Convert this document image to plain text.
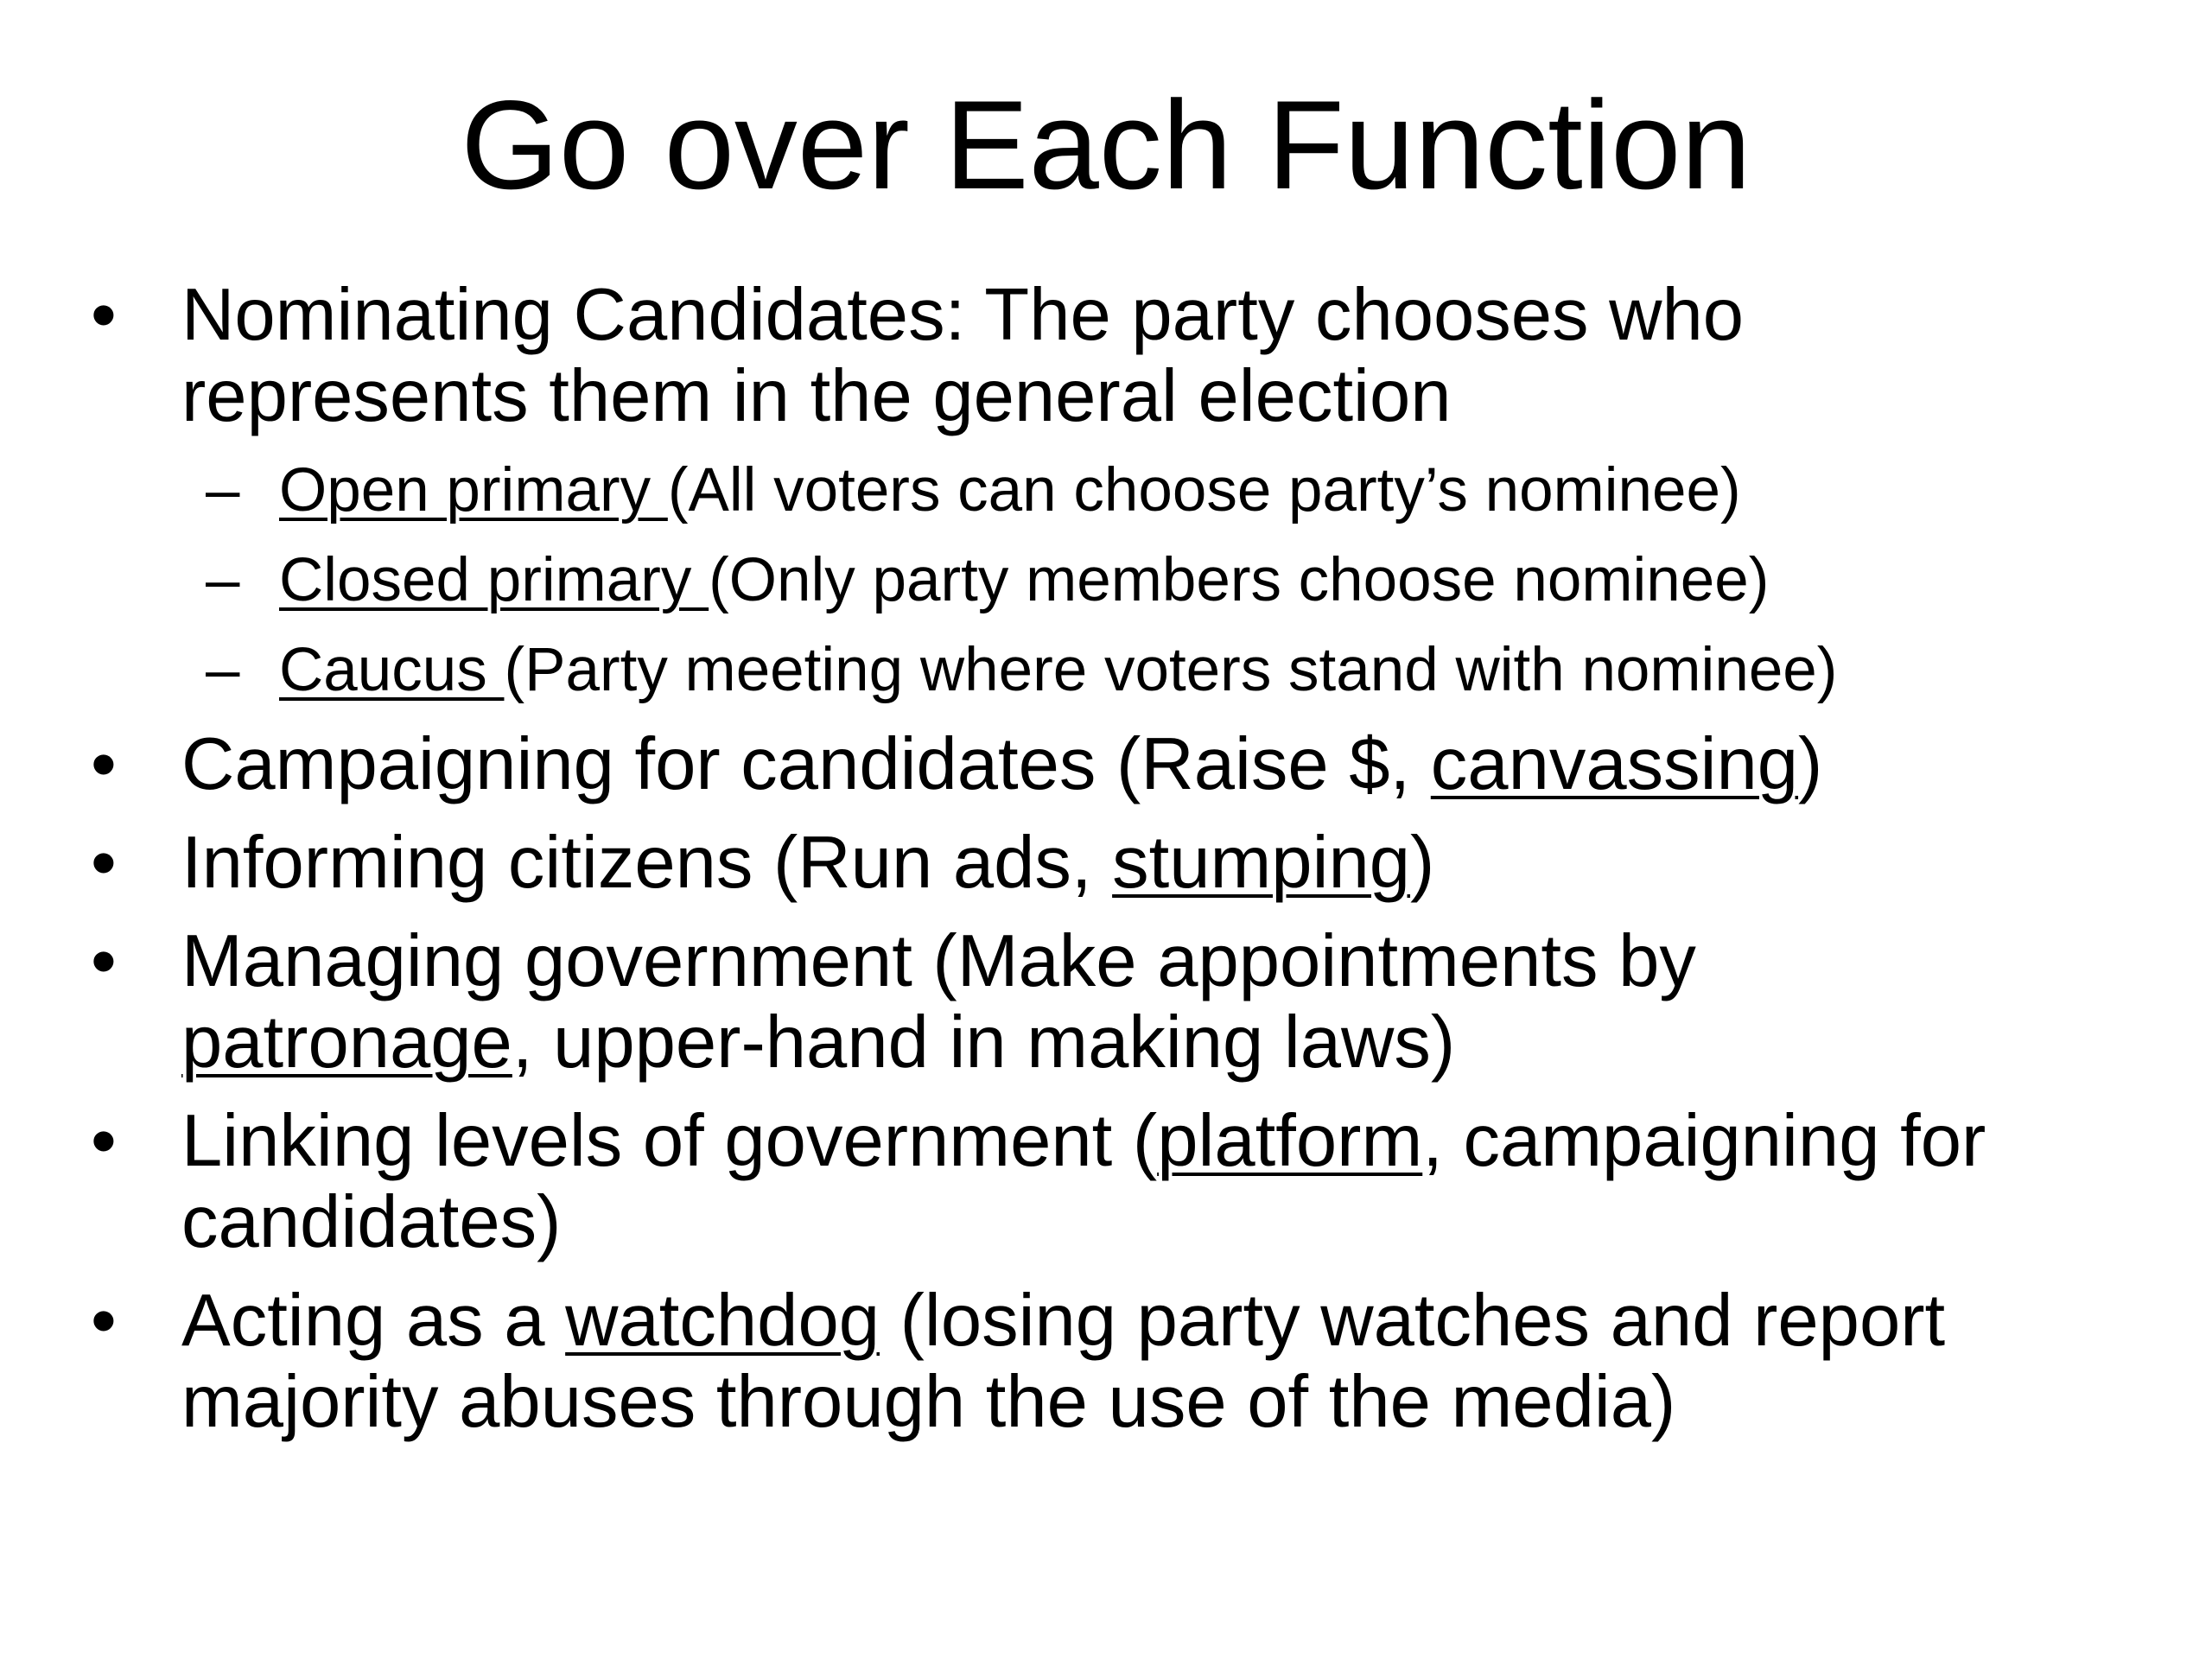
Go over Each Function
• Nominating Candidates: The party chooses who
represents them in the general election
– Open primary (All voters can choose party’s nominee)
– Closed primary (Only party members choose nominee)
– Caucus (Party meeting where voters stand with nominee)
• Campaigning for candidates (Raise $, canvassing)
• Informing citizens (Run ads, stumping)
• Managing government (Make appointments by
patronage, upper-hand in making laws)
• Linking levels of government (platform, campaigning for
candidates)
• Acting as a watchdog (losing party watches and report
majority abuses through the use of the media)
